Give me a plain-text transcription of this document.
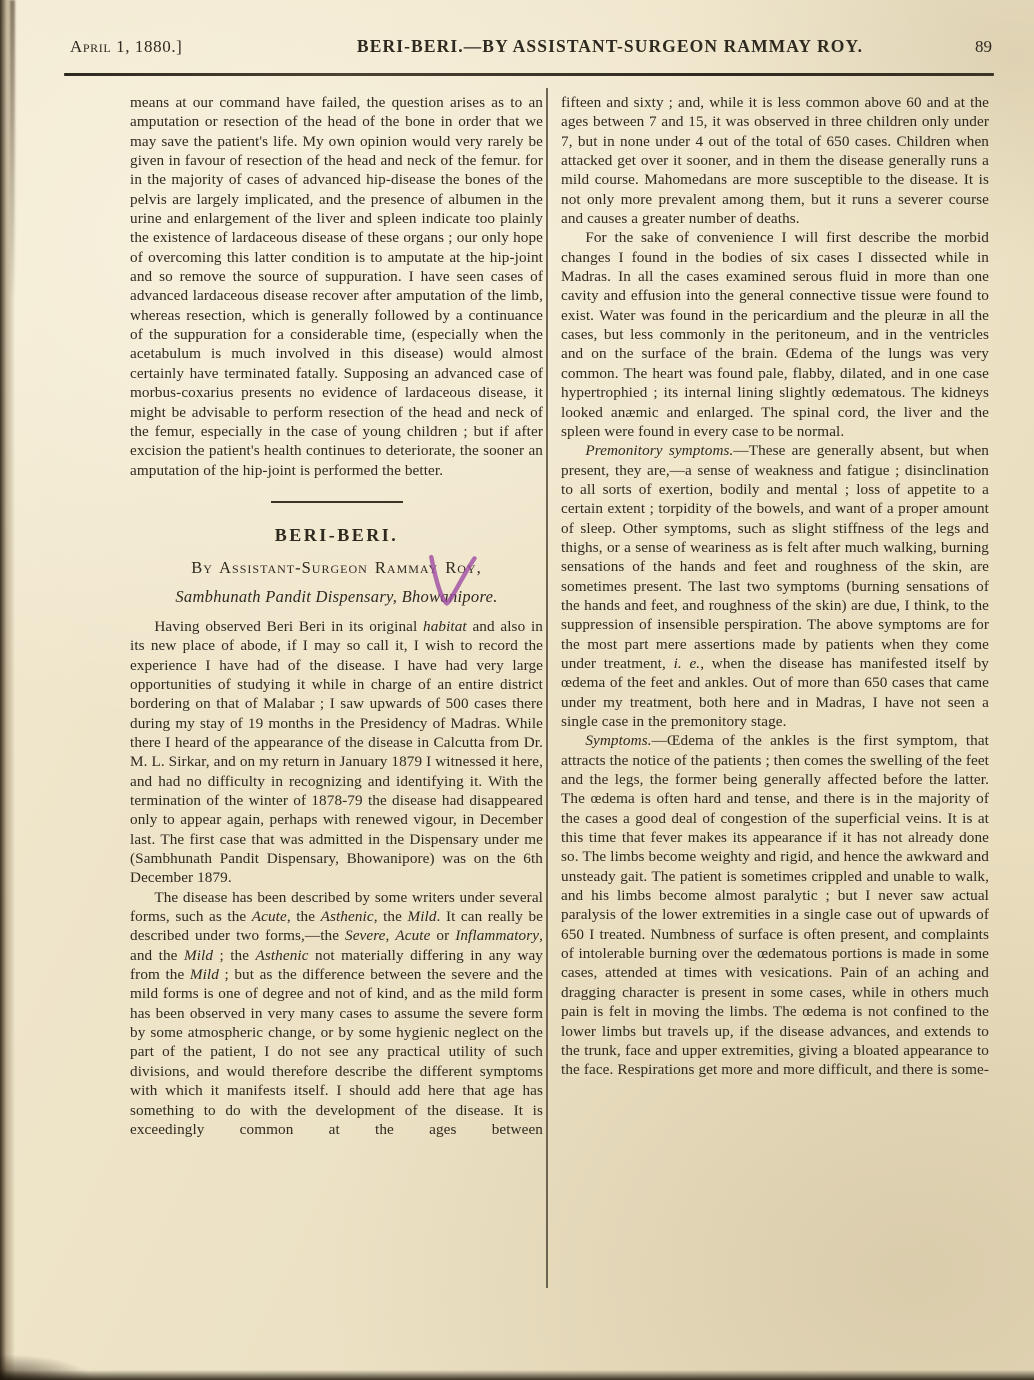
April 1, 1880.]	BERI-BERI.—BY ASSISTANT-SURGEON RAMMAY ROY.	89

means at our command have failed, the question arises as to an amputation or resection of the head of the bone in order that we may save the patient's life. My own opinion would very rarely be given in favour of resection of the head and neck of the femur. for in the majority of cases of advanced hip-disease the bones of the pelvis are largely implicated, and the presence of albumen in the urine and enlargement of the liver and spleen indicate too plainly the existence of lardaceous disease of these organs ; our only hope of overcoming this latter condition is to amputate at the hip-joint and so remove the source of suppuration. I have seen cases of advanced lardaceous disease recover after amputation of the limb, whereas resection, which is generally followed by a continuance of the suppuration for a considerable time, (especially when the acetabulum is much involved in this disease) would almost certainly have terminated fatally. Supposing an advanced case of morbus-coxarius presents no evidence of lardaceous disease, it might be advisable to perform resection of the head and neck of the femur, especially in the case of young children ; but if after excision the patient's health continues to deteriorate, the sooner an amputation of the hip-joint is performed the better.

BERI-BERI.
By Assistant-Surgeon Rammay Roy,
Sambhunath Pandit Dispensary, Bhowanipore.

Having observed Beri Beri in its original habitat and also in its new place of abode, if I may so call it, I wish to record the experience I have had of the disease. I have had very large opportunities of studying it while in charge of an entire district bordering on that of Malabar ; I saw upwards of 500 cases there during my stay of 19 months in the Presidency of Madras. While there I heard of the appearance of the disease in Calcutta from Dr. M. L. Sirkar, and on my return in January 1879 I witnessed it here, and had no difficulty in recognizing and identifying it. With the termination of the winter of 1878-79 the disease had disappeared only to appear again, perhaps with renewed vigour, in December last. The first case that was admitted in the Dispensary under me (Sambhunath Pandit Dispensary, Bhowanipore) was on the 6th December 1879.

The disease has been described by some writers under several forms, such as the Acute, the Asthenic, the Mild. It can really be described under two forms,—the Severe, Acute or Inflammatory, and the Mild ; the Asthenic not materially differing in any way from the Mild ; but as the difference between the severe and the mild forms is one of degree and not of kind, and as the mild form has been observed in very many cases to assume the severe form by some atmospheric change, or by some hygienic neglect on the part of the patient, I do not see any practical utility of such divisions, and would therefore describe the different symptoms with which it manifests itself. I should add here that age has something to do with the development of the disease. It is exceedingly common at the ages between

fifteen and sixty ; and, while it is less common above 60 and at the ages between 7 and 15, it was observed in three children only under 7, but in none under 4 out of the total of 650 cases. Children when attacked get over it sooner, and in them the disease generally runs a mild course. Mahomedans are more susceptible to the disease. It is not only more prevalent among them, but it runs a severer course and causes a greater number of deaths.

For the sake of convenience I will first describe the morbid changes I found in the bodies of six cases I dissected while in Madras. In all the cases examined serous fluid in more than one cavity and effusion into the general connective tissue were found to exist. Water was found in the pericardium and the pleuræ in all the cases, but less commonly in the peritoneum, and in the ventricles and on the surface of the brain. Œdema of the lungs was very common. The heart was found pale, flabby, dilated, and in one case hypertrophied ; its internal lining slightly œdematous. The kidneys looked anæmic and enlarged. The spinal cord, the liver and the spleen were found in every case to be normal.

Premonitory symptoms.—These are generally absent, but when present, they are,—a sense of weakness and fatigue ; disinclination to all sorts of exertion, bodily and mental ; loss of appetite to a certain extent ; torpidity of the bowels, and want of a proper amount of sleep. Other symptoms, such as slight stiffness of the legs and thighs, or a sense of weariness as is felt after much walking, burning sensations of the hands and feet and roughness of the skin, are sometimes present. The last two symptoms (burning sensations of the hands and feet, and roughness of the skin) are due, I think, to the suppression of insensible perspiration. The above symptoms are for the most part mere assertions made by patients when they come under treatment, i. e., when the disease has manifested itself by œdema of the feet and ankles. Out of more than 650 cases that came under my treatment, both here and in Madras, I have not seen a single case in the premonitory stage.

Symptoms.—Œdema of the ankles is the first symptom, that attracts the notice of the patients ; then comes the swelling of the feet and the legs, the former being generally affected before the latter. The œdema is often hard and tense, and there is in the majority of the cases a good deal of congestion of the superficial veins. It is at this time that fever makes its appearance if it has not already done so. The limbs become weighty and rigid, and hence the awkward and unsteady gait. The patient is sometimes crippled and unable to walk, and his limbs become almost paralytic ; but I never saw actual paralysis of the lower extremities in a single case out of upwards of 650 I treated. Numbness of surface is often present, and complaints of intolerable burning over the œdematous portions is made in some cases, attended at times with vesications. Pain of an aching and dragging character is present in some cases, while in others much pain is felt in moving the limbs. The œdema is not confined to the lower limbs but travels up, if the disease advances, and extends to the trunk, face and upper extremities, giving a bloated appearance to the face. Respirations get more and more difficult, and there is some-
